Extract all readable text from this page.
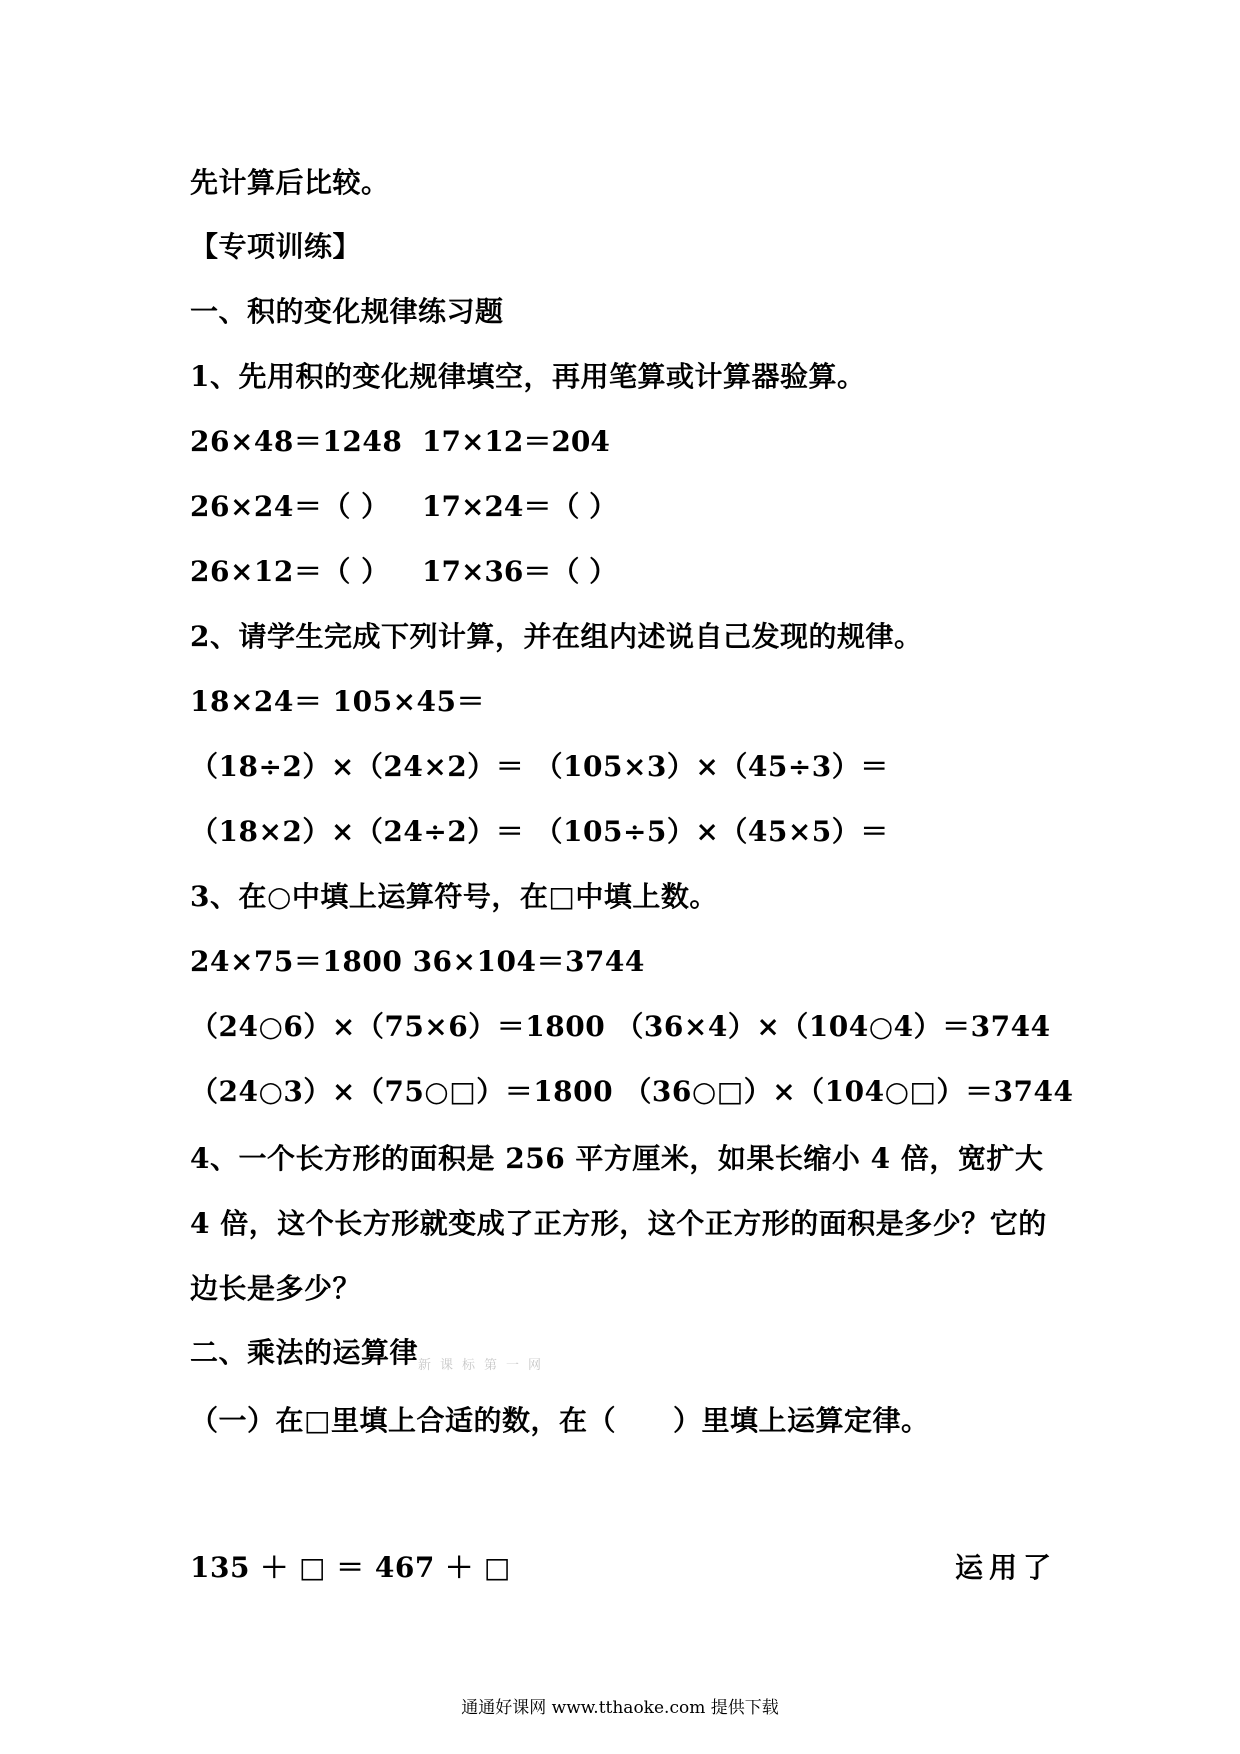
先计算后比较。
【专项训练】
一、积的变化规律练习题
1、先用积的变化规律填空，再用笔算或计算器验算。
26×48＝1248 17×12＝204
26×24＝（ ） 17×24＝（ ）
26×12＝（ ） 17×36＝（ ）
2、请学生完成下列计算，并在组内述说自己发现的规律。
18×24＝ 105×45＝
（18÷2）×（24×2）＝ （105×3）×（45÷3）＝
（18×2）×（24÷2）＝ （105÷5）×（45×5）＝
3、在○中填上运算符号，在□中填上数。
24×75＝1800 36×104＝3744
（24○6）×（75×6）＝1800 （36×4）×（104○4）＝3744
（24○3）×（75○□）＝1800 （36○□）×（104○□）＝3744
4、一个长方形的面积是 256 平方厘米，如果长缩小 4 倍，宽扩大 4 倍，这个长方形就变成了正方形，这个正方形的面积是多少？它的边长是多少？
二、乘法的运算律 新课标第一网
（一）在□里填上合适的数，在（　　）里填上运算定律。
135 ＋ □ ＝ 467 ＋ □	运用了
通通好课网 www.tthaoke.com 提供下载
